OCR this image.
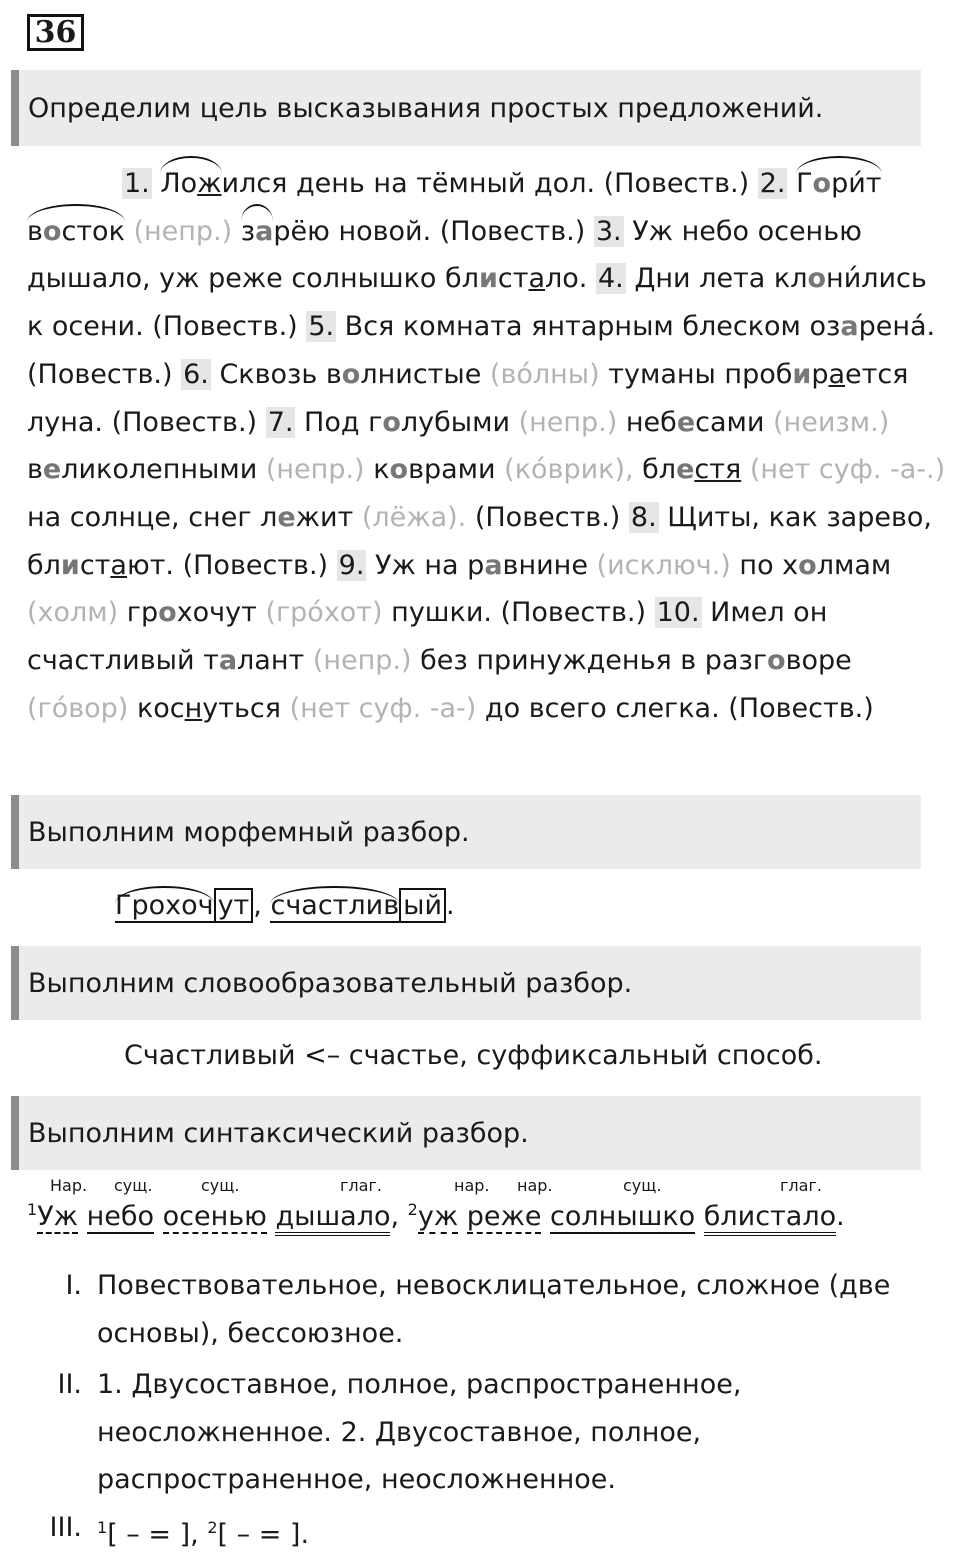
36
Определим цель высказывания простых предложений.
1. Ложился день на тёмный дол. (Повеств.) 2. Гори́т
восток (непр.) зарёю новой. (Повеств.) 3. Уж небо осенью дышало, уж реже солнышко блистало. 4. Дни лета клони́лись к осени. (Повеств.) 5. Вся комната янтарным блеском озарена́. (Повеств.) 6. Сквозь волнистые (во́лны) туманы пробирается луна. (Повеств.) 7. Под голубыми (непр.) небесами (неизм.) великолепными (непр.) коврами (ко́врик), блестя (нет суф. -а-.) на солнце, снег лежит (лёжа). (Повеств.) 8. Щиты, как зарево, блистают. (Повеств.) 9. Уж на равнине (исключ.) по холмам (холм) грохочут (гро́хот) пушки. (Повеств.) 10. Имел он счастливый талант (непр.) без принужденья в разговоре (го́вор) коснуться (нет суф. -а-) до всего слегка. (Повеств.)
Выполним морфемный разбор.
Грохоч ут , счастлив ый .
Выполним словообразовательный разбор.
Счастливый <– счастье, суффиксальный способ.
Выполним синтаксический разбор.
Нар. сущ.	сущ.	глаг.	нар. нар.	сущ.	глаг.
$^1$Уж небо осенью дышало, $^2$уж реже солнышко блистало.
I. Повествовательное, невосклицательное, сложное (две основы), бессоюзное.
II. 1. Двусоставное, полное, распространенное, неосложненное. 2. Двусоставное, полное, распространенное, неосложненное.
III. $^1$[ – = ], $^2$[ – = ].
